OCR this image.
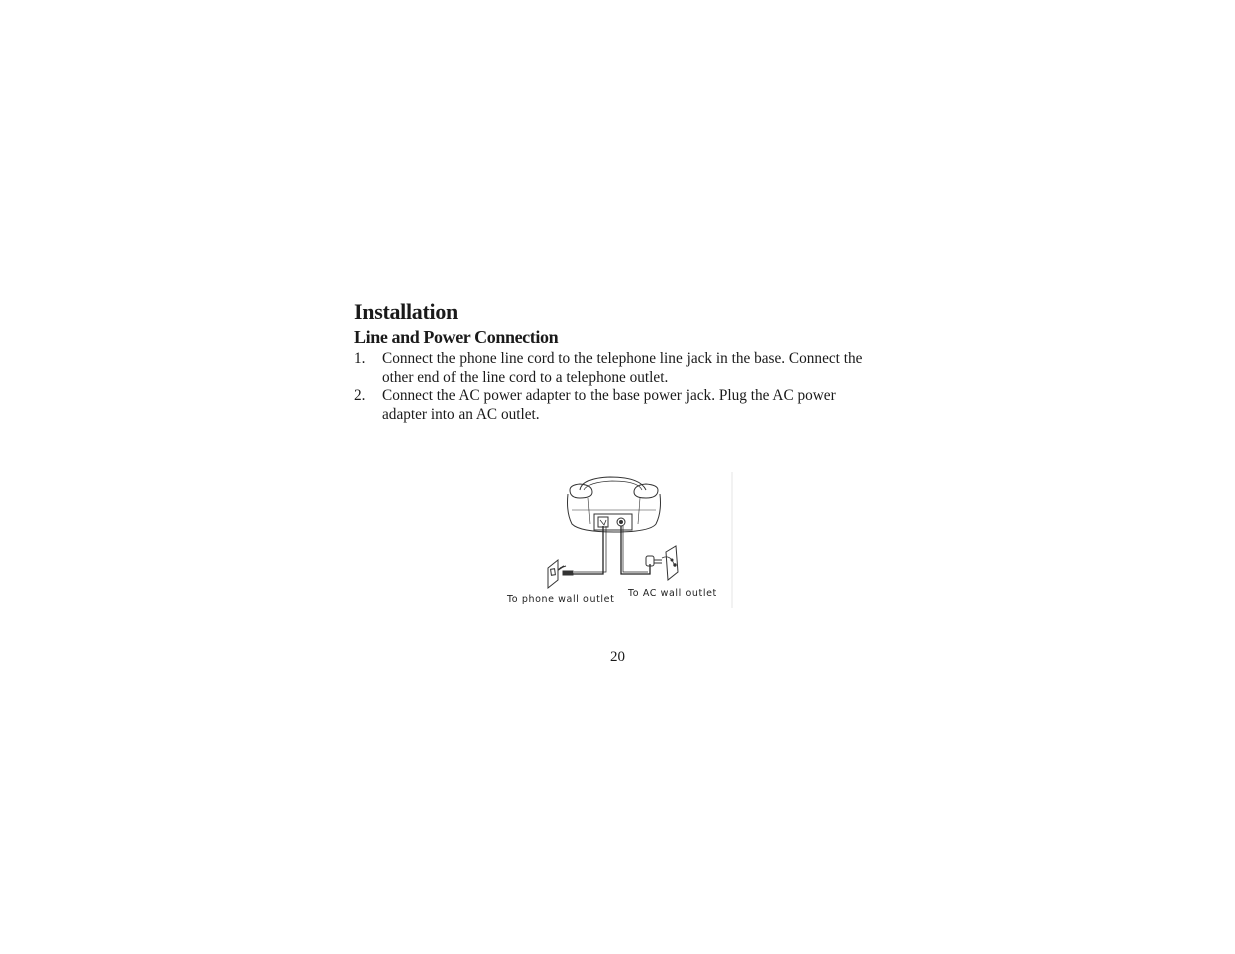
Installation
Line and Power Connection
1. Connect the phone line cord to the telephone line jack in the base. Connect the
other end of the line cord to a telephone outlet.
2. Connect the AC power adapter to the base power jack. Plug the AC power
adapter into an AC outlet.
To phone wall outlet
To AC wall outlet
20
